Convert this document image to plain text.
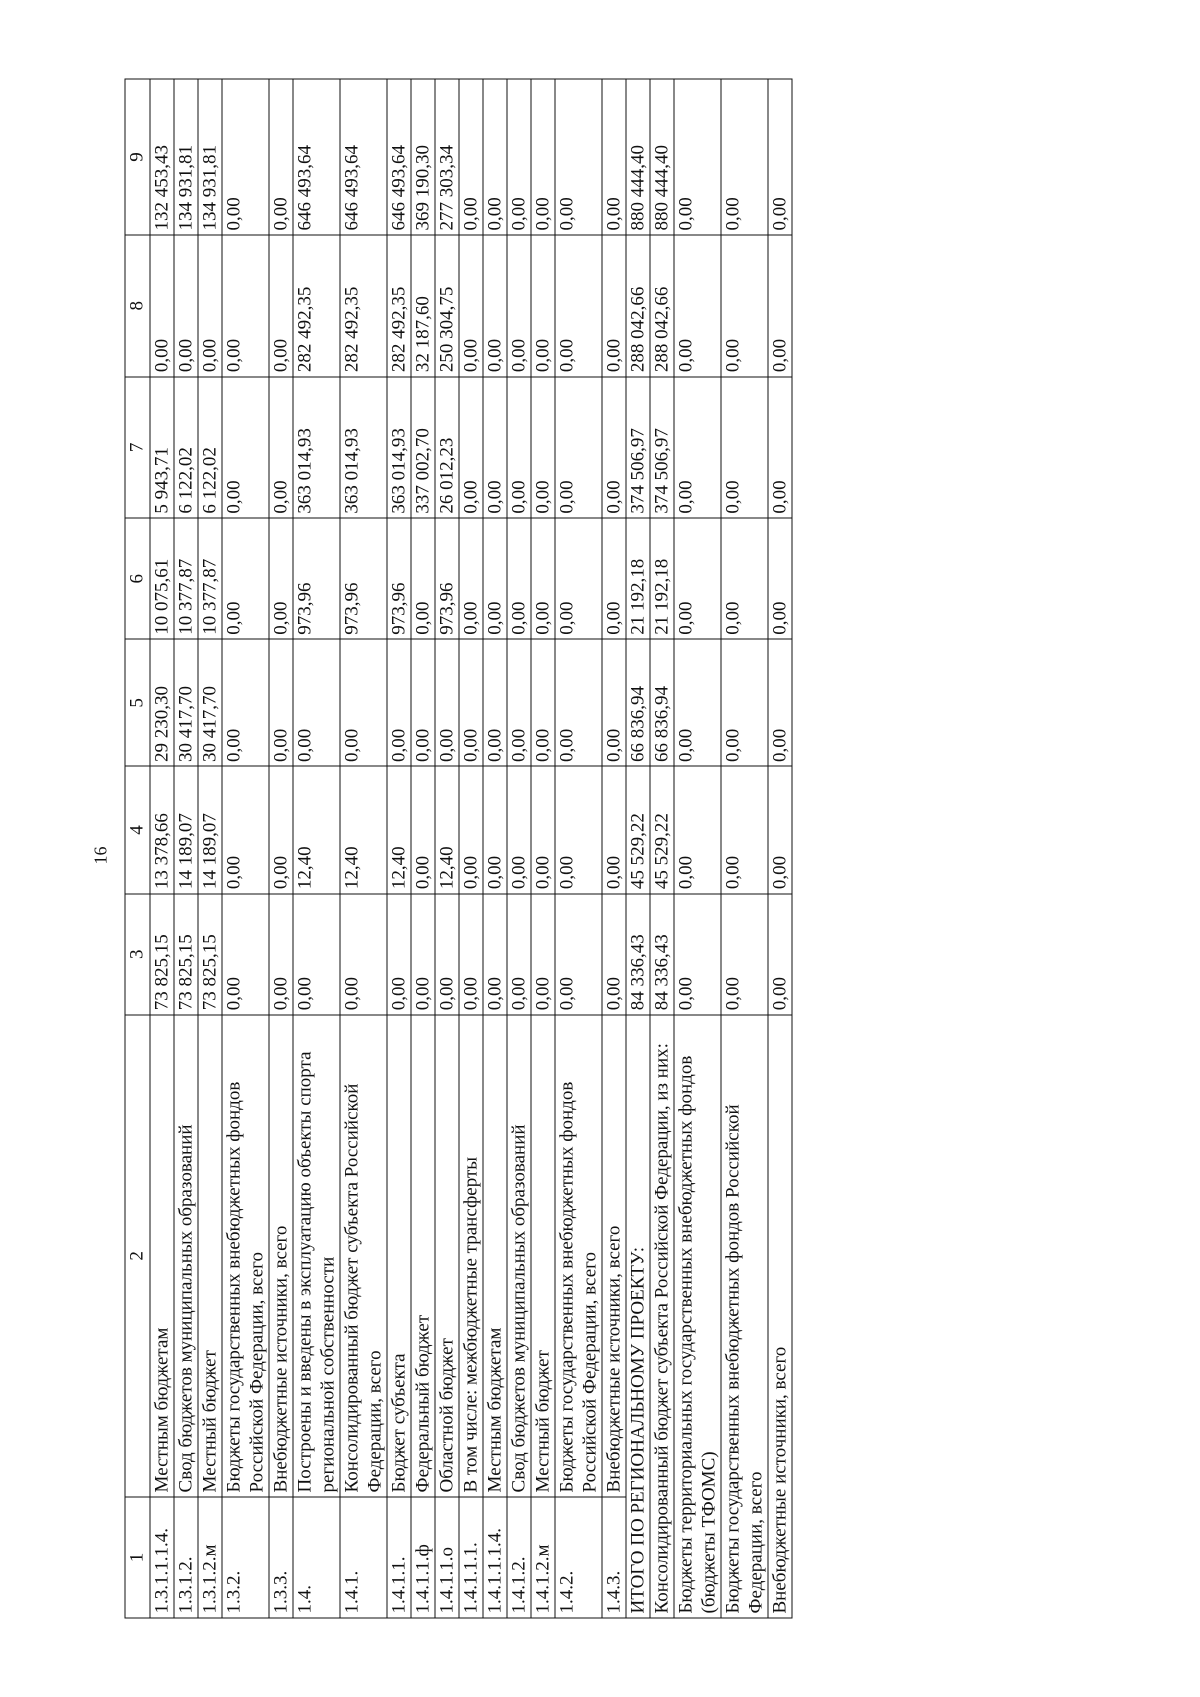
16
1	2	3	4	5	6	7	8	9
1.3.1.1.1.4.	Местным бюджетам	73 825,15	13 378,66	29 230,30	10 075,61	5 943,71	0,00	132 453,43
1.3.1.2.	Свод бюджетов муниципальных образований	73 825,15	14 189,07	30 417,70	10 377,87	6 122,02	0,00	134 931,81
1.3.1.2.м	Местный бюджет	73 825,15	14 189,07	30 417,70	10 377,87	6 122,02	0,00	134 931,81
1.3.2.	Бюджеты государственных внебюджетных фондов Российской Федерации, всего	0,00	0,00	0,00	0,00	0,00	0,00	0,00
1.3.3.	Внебюджетные источники, всего	0,00	0,00	0,00	0,00	0,00	0,00	0,00
1.4.	Построены и введены в эксплуатацию объекты спорта региональной собственности	0,00	12,40	0,00	973,96	363 014,93	282 492,35	646 493,64
1.4.1.	Консолидированный бюджет субъекта Российской Федерации, всего	0,00	12,40	0,00	973,96	363 014,93	282 492,35	646 493,64
1.4.1.1.	Бюджет субъекта	0,00	12,40	0,00	973,96	363 014,93	282 492,35	646 493,64
1.4.1.1.ф	Федеральный бюджет	0,00	0,00	0,00	0,00	337 002,70	32 187,60	369 190,30
1.4.1.1.о	Областной бюджет	0,00	12,40	0,00	973,96	26 012,23	250 304,75	277 303,34
1.4.1.1.1.	В том числе: межбюджетные трансферты	0,00	0,00	0,00	0,00	0,00	0,00	0,00
1.4.1.1.1.4.	Местным бюджетам	0,00	0,00	0,00	0,00	0,00	0,00	0,00
1.4.1.2.	Свод бюджетов муниципальных образований	0,00	0,00	0,00	0,00	0,00	0,00	0,00
1.4.1.2.м	Местный бюджет	0,00	0,00	0,00	0,00	0,00	0,00	0,00
1.4.2.	Бюджеты государственных внебюджетных фондов Российской Федерации, всего	0,00	0,00	0,00	0,00	0,00	0,00	0,00
1.4.3.	Внебюджетные источники, всего	0,00	0,00	0,00	0,00	0,00	0,00	0,00
ИТОГО ПО РЕГИОНАЛЬНОМУ ПРОЕКТУ:		84 336,43	45 529,22	66 836,94	21 192,18	374 506,97	288 042,66	880 444,40
Консолидированный бюджет субъекта Российской Федерации, из них:		84 336,43	45 529,22	66 836,94	21 192,18	374 506,97	288 042,66	880 444,40
Бюджеты территориальных государственных внебюджетных фондов (бюджеты ТФОМС)		0,00	0,00	0,00	0,00	0,00	0,00	0,00
Бюджеты государственных внебюджетных фондов Российской Федерации, всего		0,00	0,00	0,00	0,00	0,00	0,00	0,00
Внебюджетные источники, всего		0,00	0,00	0,00	0,00	0,00	0,00	0,00
